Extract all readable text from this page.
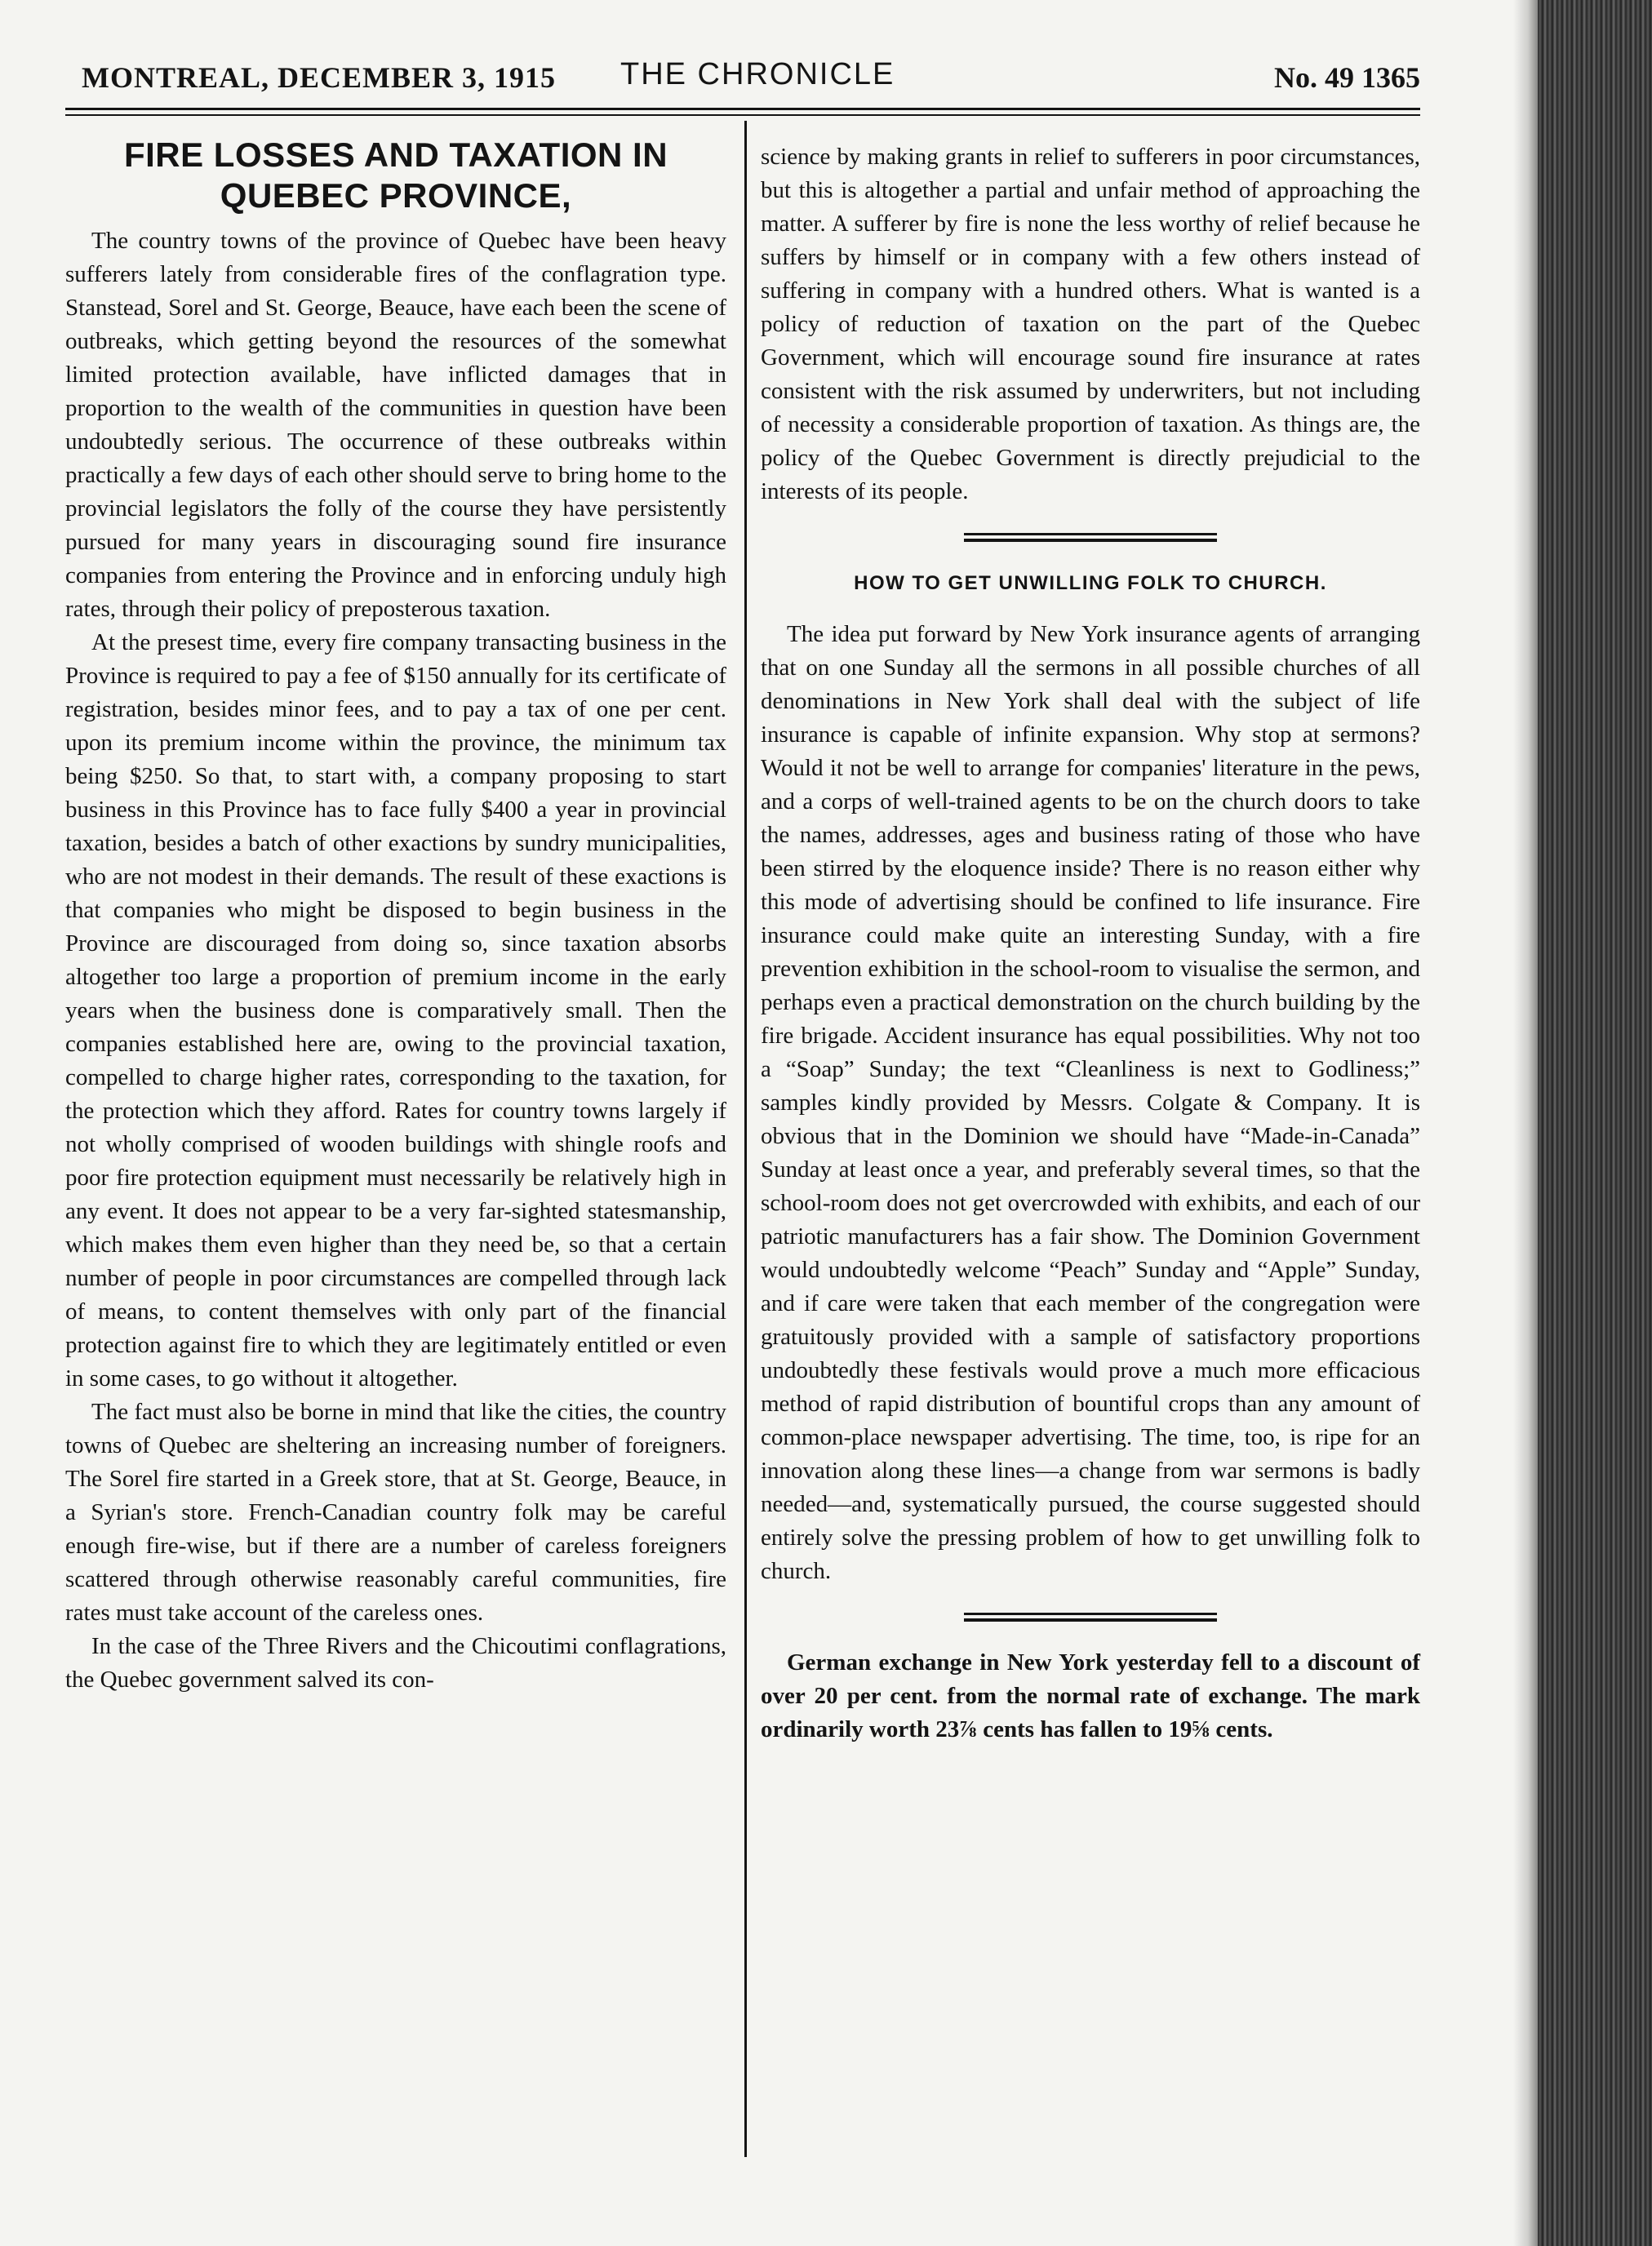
MONTREAL, DECEMBER 3, 1915 THE CHRONICLE	No. 49 1365
FIRE LOSSES AND TAXATION IN QUEBEC PROVINCE,

The country towns of the province of Quebec have been heavy sufferers lately from considerable fires of the conflagration type. Stanstead, Sorel and St. George, Beauce, have each been the scene of outbreaks, which getting beyond the resources of the somewhat limited protection available, have inflicted damages that in proportion to the wealth of the communities in question have been undoubtedly serious. The occurrence of these outbreaks within practically a few days of each other should serve to bring home to the provincial legislators the folly of the course they have persistently pursued for many years in discouraging sound fire insurance companies from entering the Province and in enforcing unduly high rates, through their policy of preposterous taxation.

At the presest time, every fire company transacting business in the Province is required to pay a fee of $150 annually for its certificate of registration, besides minor fees, and to pay a tax of one per cent. upon its premium income within the province, the minimum tax being $250. So that, to start with, a company proposing to start business in this Province has to face fully $400 a year in provincial taxation, besides a batch of other exactions by sundry municipalities, who are not modest in their demands. The result of these exactions is that companies who might be disposed to begin business in the Province are discouraged from doing so, since taxation absorbs altogether too large a proportion of premium income in the early years when the business done is comparatively small. Then the companies established here are, owing to the provincial taxation, compelled to charge higher rates, corresponding to the taxation, for the protection which they afford. Rates for country towns largely if not wholly comprised of wooden buildings with shingle roofs and poor fire protection equipment must necessarily be relatively high in any event. It does not appear to be a very far-sighted statesmanship, which makes them even higher than they need be, so that a certain number of people in poor circumstances are compelled through lack of means, to content themselves with only part of the financial protection against fire to which they are legitimately entitled or even in some cases, to go without it altogether.

The fact must also be borne in mind that like the cities, the country towns of Quebec are sheltering an increasing number of foreigners. The Sorel fire started in a Greek store, that at St. George, Beauce, in a Syrian's store. French-Canadian country folk may be careful enough fire-wise, but if there are a number of careless foreigners scattered through otherwise reasonably careful communities, fire rates must take account of the careless ones.

In the case of the Three Rivers and the Chicoutimi conflagrations, the Quebec government salved its con-

science by making grants in relief to sufferers in poor circumstances, but this is altogether a partial and unfair method of approaching the matter. A sufferer by fire is none the less worthy of relief because he suffers by himself or in company with a few others instead of suffering in company with a hundred others. What is wanted is a policy of reduction of taxation on the part of the Quebec Government, which will encourage sound fire insurance at rates consistent with the risk assumed by underwriters, but not including of necessity a considerable proportion of taxation. As things are, the policy of the Quebec Government is directly prejudicial to the interests of its people.

HOW TO GET UNWILLING FOLK TO CHURCH.

The idea put forward by New York insurance agents of arranging that on one Sunday all the sermons in all possible churches of all denominations in New York shall deal with the subject of life insurance is capable of infinite expansion. Why stop at sermons? Would it not be well to arrange for companies' literature in the pews, and a corps of well-trained agents to be on the church doors to take the names, addresses, ages and business rating of those who have been stirred by the eloquence inside? There is no reason either why this mode of advertising should be confined to life insurance. Fire insurance could make quite an interesting Sunday, with a fire prevention exhibition in the school-room to visualise the sermon, and perhaps even a practical demonstration on the church building by the fire brigade. Accident insurance has equal possibilities. Why not too a “Soap” Sunday; the text “Cleanliness is next to Godliness;” samples kindly provided by Messrs. Colgate & Company. It is obvious that in the Dominion we should have “Made-in-Canada” Sunday at least once a year, and preferably several times, so that the school-room does not get overcrowded with exhibits, and each of our patriotic manufacturers has a fair show. The Dominion Government would undoubtedly welcome “Peach” Sunday and “Apple” Sunday, and if care were taken that each member of the congregation were gratuitously provided with a sample of satisfactory proportions undoubtedly these festivals would prove a much more efficacious method of rapid distribution of bountiful crops than any amount of common-place newspaper advertising. The time, too, is ripe for an innovation along these lines—a change from war sermons is badly needed—and, systematically pursued, the course suggested should entirely solve the pressing problem of how to get unwilling folk to church.

German exchange in New York yesterday fell to a discount of over 20 per cent. from the normal rate of exchange. The mark ordinarily worth 23⅞ cents has fallen to 19⅝ cents.
